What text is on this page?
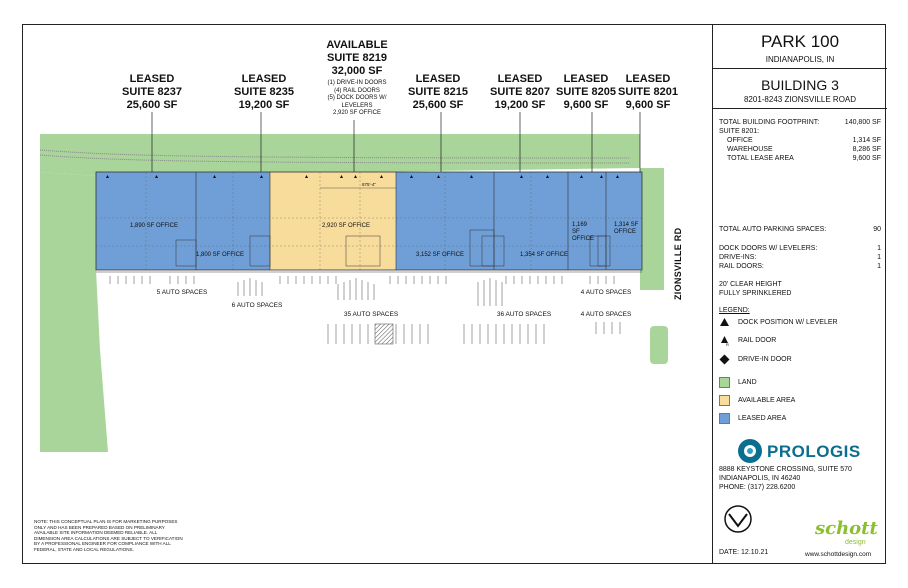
LEASED
SUITE 8237
25,600 SF
LEASED
SUITE 8235
19,200 SF
AVAILABLE
SUITE 8219
32,000 SF
(1) DRIVE-IN DOORS
(4) RAIL DOORS
(5) DOCK DOORS W/
LEVELERS
2,920 SF OFFICE
LEASED
SUITE 8215
25,600 SF
LEASED
SUITE 8207
19,200 SF
LEASED
SUITE 8205
9,600 SF
LEASED
SUITE 8201
9,600 SF
1,890 SF OFFICE
1,800 SF OFFICE
2,920 SF OFFICE
3,152 SF OFFICE	1,354 SF OFFICE
1,169 SF OFFICE
1,314 SF OFFICE
875'-4"
5 AUTO SPACES
6 AUTO SPACES
35 AUTO SPACES	36 AUTO SPACES
4 AUTO SPACES
4 AUTO SPACES
ZIONSVILLE RD
NOTE: THIS CONCEPTUAL PLAN IS FOR MARKETING PURPOSES ONLY AND HAS BEEN PREPARED BASED ON PRELIMINARY AVAILABLE SITE INFORMATION DEEMED RELIABLE. ALL DIMENSION AREA CALCULATIONS ARE SUBJECT TO VERIFICATION BY A PROFESSIONAL ENGINEER FOR COMPLIANCE WITH ALL FEDERAL, STATE AND LOCAL REGULATIONS.
PARK 100
INDIANAPOLIS, IN
BUILDING 3
8201-8243 ZIONSVILLE ROAD
TOTAL BUILDING FOOTPRINT:	140,800 SF
SUITE 8201:
OFFICE	1,314 SF
WAREHOUSE	8,286 SF
TOTAL LEASE AREA	9,600 SF
TOTAL AUTO PARKING SPACES:	90
DOCK DOORS W/ LEVELERS:	1
DRIVE-INS:	1
RAIL DOORS:	1
20' CLEAR HEIGHT
FULLY SPRINKLERED
LEGEND:
DOCK POSITION W/ LEVELER
R
RAIL DOOR
DRIVE-IN DOOR
LAND
AVAILABLE AREA
LEASED AREA
PROLOGIS
8888 KEYSTONE CROSSING, SUITE 570
INDIANAPOLIS, IN 46240
PHONE: (317) 228.6200
DATE: 12.10.21
schott
design
www.schottdesign.com
